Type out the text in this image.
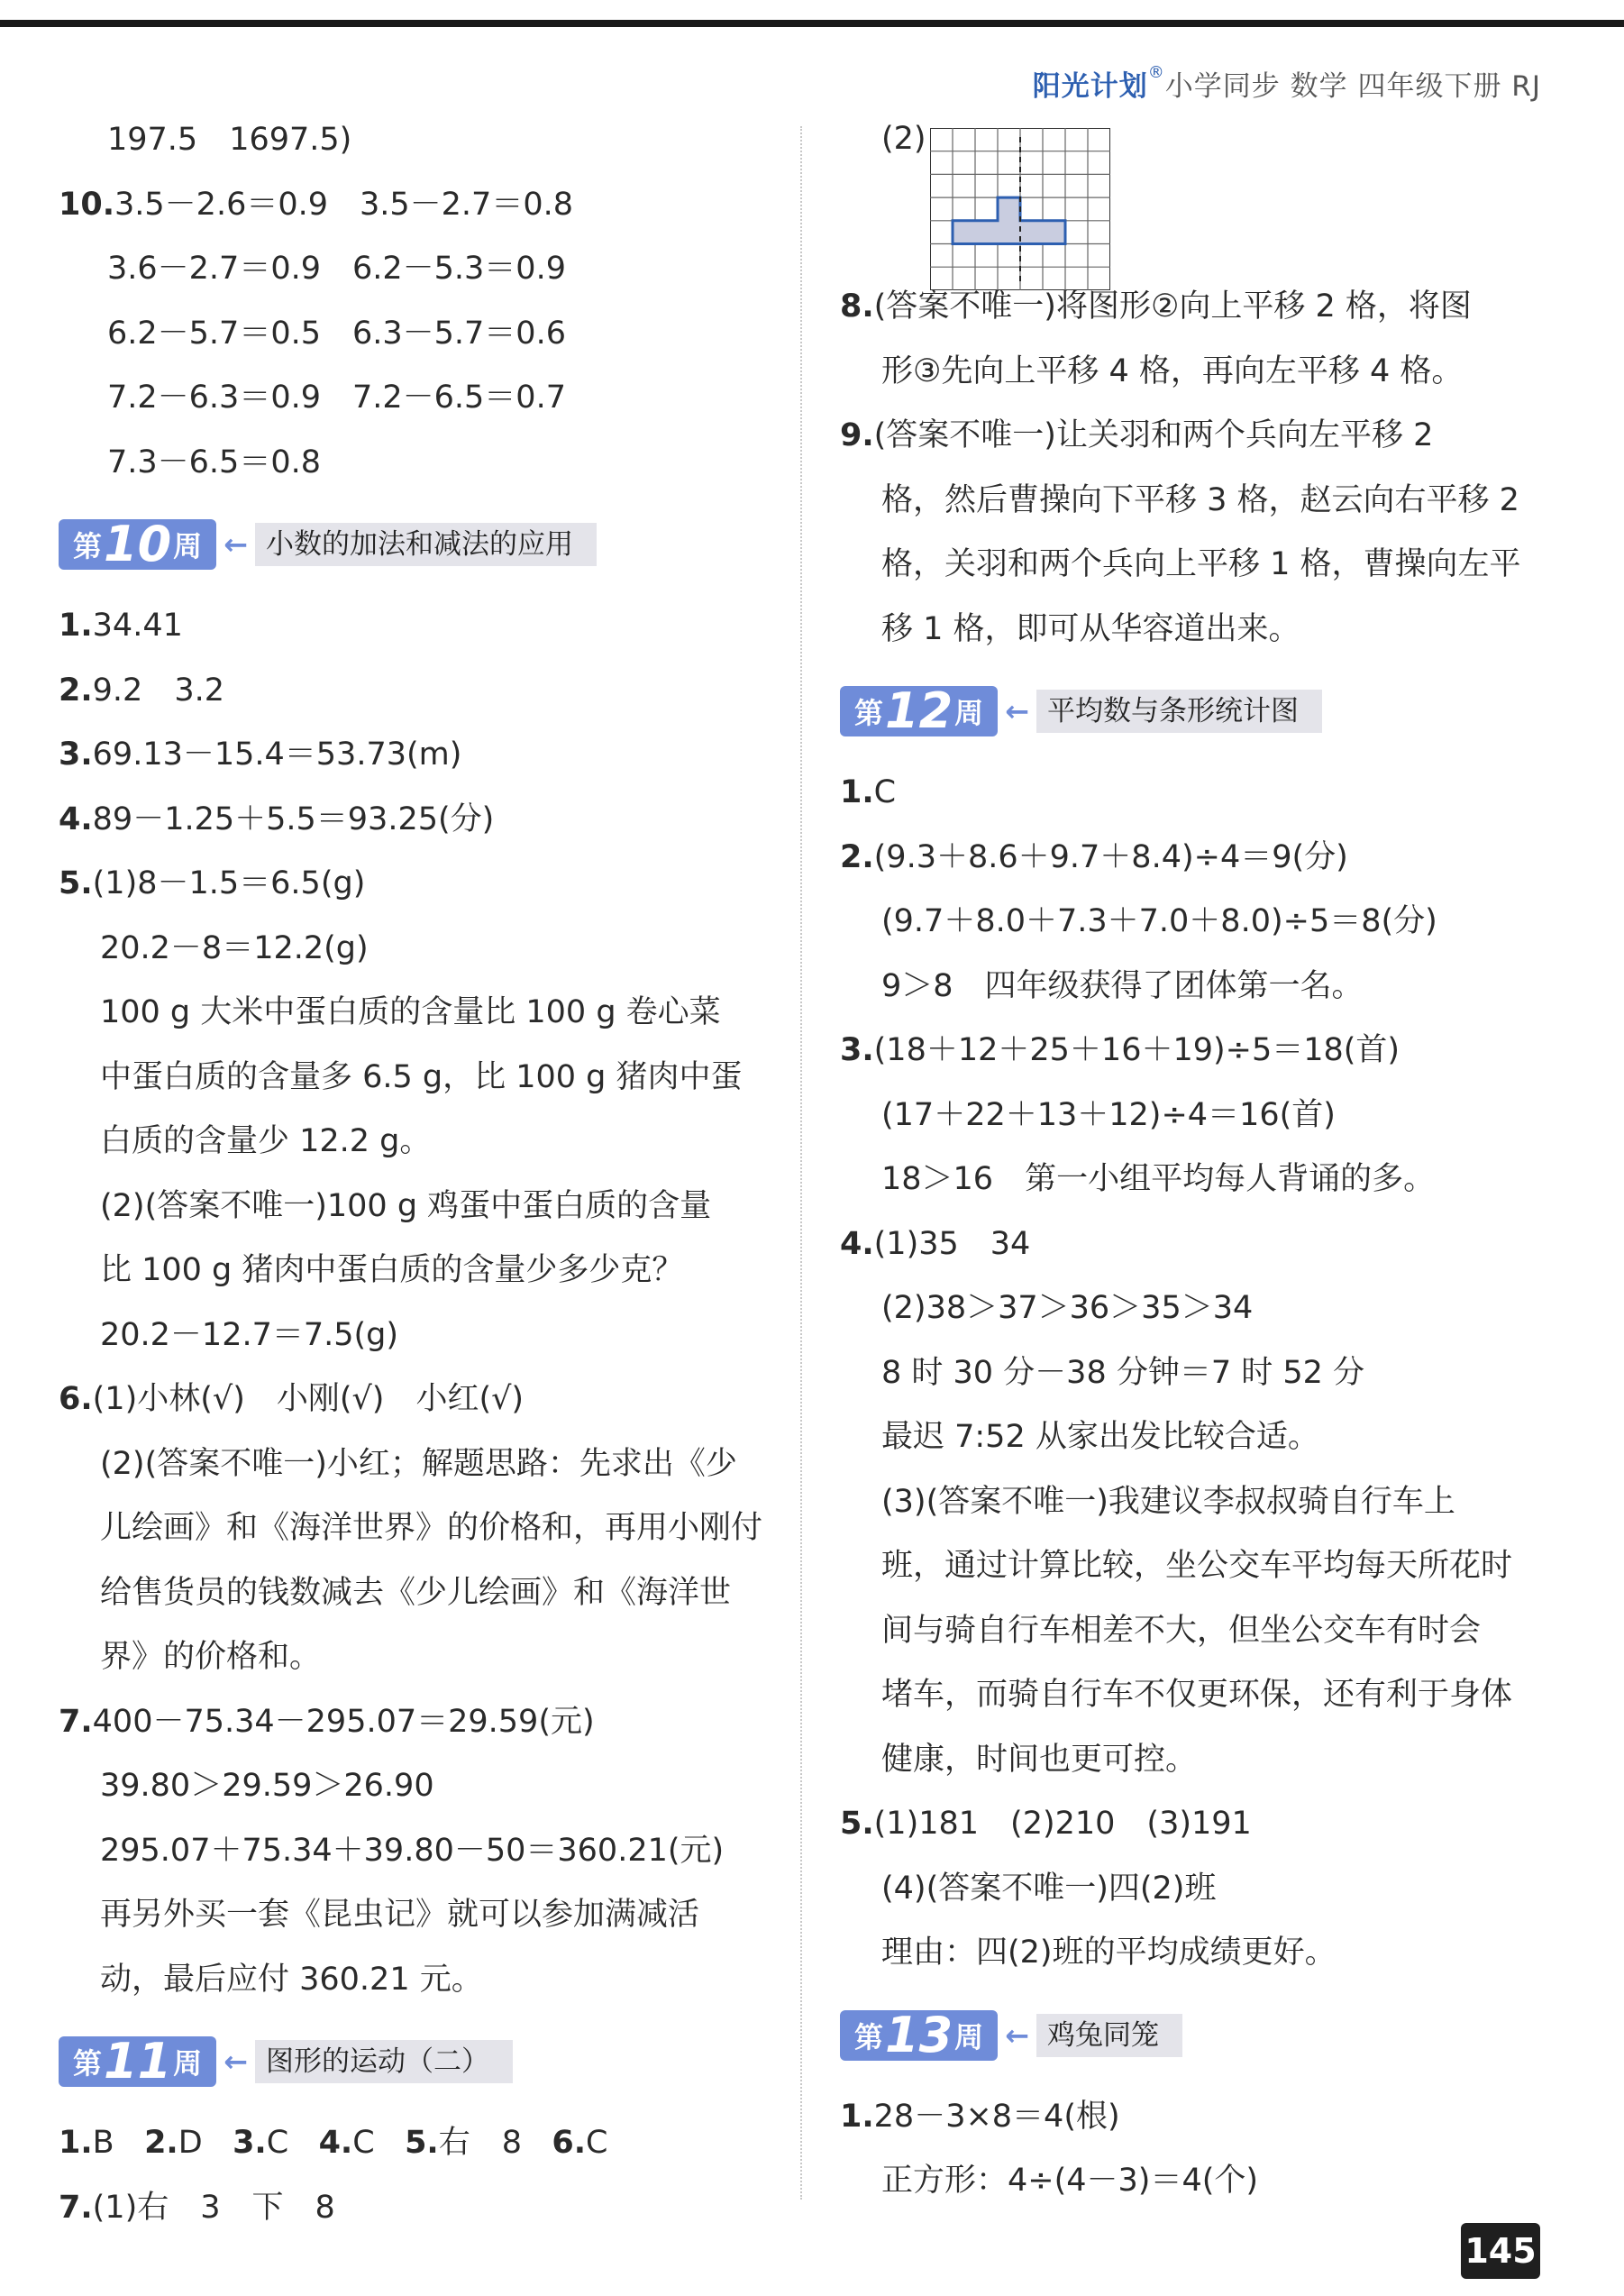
阳光计划®小学同步 数学 四年级下册 RJ
197.5　1697.5)
10.3.5－2.6＝0.9　3.5－2.7＝0.8
3.6－2.7＝0.9　6.2－5.3＝0.9
6.2－5.7＝0.5　6.3－5.7＝0.6
7.2－6.3＝0.9　7.2－6.5＝0.7
7.3－6.5＝0.8
第 10 周 ← 小数的加法和减法的应用
1.34.41
2.9.2　3.2
3.69.13－15.4＝53.73(m)
4.89－1.25＋5.5＝93.25(分)
5.(1)8－1.5＝6.5(g)
20.2－8＝12.2(g)
100 g 大米中蛋白质的含量比 100 g 卷心菜
中蛋白质的含量多 6.5 g，比 100 g 猪肉中蛋
白质的含量少 12.2 g。
(2)(答案不唯一)100 g 鸡蛋中蛋白质的含量
比 100 g 猪肉中蛋白质的含量少多少克？
20.2－12.7＝7.5(g)
6.(1)小林(√)　小刚(√)　小红(√)
(2)(答案不唯一)小红；解题思路：先求出《少
儿绘画》和《海洋世界》的价格和，再用小刚付
给售货员的钱数减去《少儿绘画》和《海洋世
界》的价格和。
7.400－75.34－295.07＝29.59(元)
39.80＞29.59＞26.90
295.07＋75.34＋39.80－50＝360.21(元)
再另外买一套《昆虫记》就可以参加满减活
动，最后应付 360.21 元。
第 11 周 ← 图形的运动（二）
1.B 2.D 3.C 4.C 5.右　8 6.C
7.(1)右　3　下　8
(2)
8.(答案不唯一)将图形②向上平移 2 格，将图
形③先向上平移 4 格，再向左平移 4 格。
9.(答案不唯一)让关羽和两个兵向左平移 2
格，然后曹操向下平移 3 格，赵云向右平移 2
格，关羽和两个兵向上平移 1 格，曹操向左平
移 1 格，即可从华容道出来。
第 12 周 ← 平均数与条形统计图
1.C
2.(9.3＋8.6＋9.7＋8.4)÷4＝9(分)
(9.7＋8.0＋7.3＋7.0＋8.0)÷5＝8(分)
9＞8　四年级获得了团体第一名。
3.(18＋12＋25＋16＋19)÷5＝18(首)
(17＋22＋13＋12)÷4＝16(首)
18＞16　第一小组平均每人背诵的多。
4.(1)35　34
(2)38＞37＞36＞35＞34
8 时 30 分－38 分钟＝7 时 52 分
最迟 7:52 从家出发比较合适。
(3)(答案不唯一)我建议李叔叔骑自行车上
班，通过计算比较，坐公交车平均每天所花时
间与骑自行车相差不大，但坐公交车有时会
堵车，而骑自行车不仅更环保，还有利于身体
健康，时间也更可控。
5.(1)181　(2)210　(3)191
(4)(答案不唯一)四(2)班
理由：四(2)班的平均成绩更好。
第 13 周 ← 鸡兔同笼
1.28－3×8＝4(根)
正方形：4÷(4－3)＝4(个)
145
